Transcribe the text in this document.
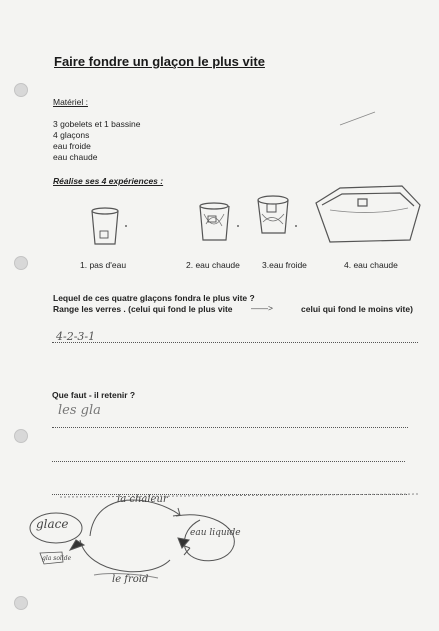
Faire fondre un glaçon le plus vite
Matériel :
3 gobelets et 1 bassine
4 glaçons
eau froide
eau chaude
Réalise ses 4 expériences :
1. pas d'eau	2. eau chaude	3.eau froide	4. eau chaude
Lequel de ces quatre glaçons fondra le plus vite ?
Range les verres . (celui qui fond le plus vite ——>	celui qui fond le moins vite)
4-2-3-1
Que faut - il retenir ?
les gla
glace
la chaleur
eau liquide
le froid
gla solide
